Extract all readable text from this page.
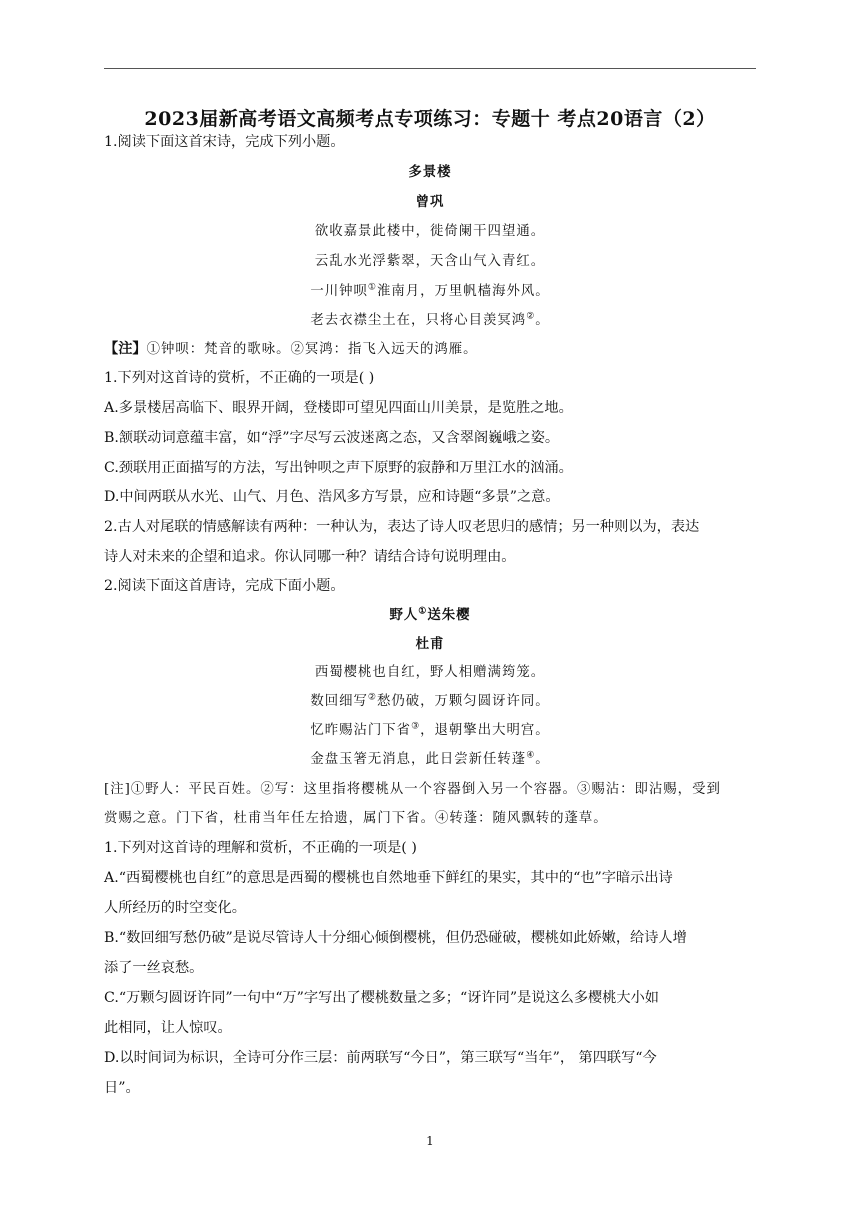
2023届新高考语文高频考点专项练习：专题十 考点20语言（2）
1.阅读下面这首宋诗，完成下列小题。
多景楼
曾巩
欲收嘉景此楼中，徙倚阑干四望通。
云乱水光浮紫翠，天含山气入青红。
一川钟呗①淮南月，万里帆樯海外风。
老去衣襟尘土在，只将心目羡冥鸿②。
【注】①钟呗：梵音的歌咏。②冥鸿：指飞入远天的鸿雁。
1.下列对这首诗的赏析，不正确的一项是( )
A.多景楼居高临下、眼界开阔，登楼即可望见四面山川美景，是览胜之地。
B.颔联动词意蕴丰富，如“浮”字尽写云波迷离之态，又含翠阁巍峨之姿。
C.颈联用正面描写的方法，写出钟呗之声下原野的寂静和万里江水的汹涌。
D.中间两联从水光、山气、月色、浩风多方写景，应和诗题“多景”之意。
2.古人对尾联的情感解读有两种：一种认为，表达了诗人叹老思归的感情；另一种则以为，表达
诗人对未来的企望和追求。你认同哪一种？请结合诗句说明理由。
2.阅读下面这首唐诗，完成下面小题。
野人①送朱樱
杜甫
西蜀樱桃也自红，野人相赠满筠笼。
数回细写②愁仍破，万颗匀圆讶许同。
忆昨赐沾门下省③，退朝擎出大明宫。
金盘玉箸无消息，此日尝新任转蓬④。
[注]①野人：平民百姓。②写：这里指将樱桃从一个容器倒入另一个容器。③赐沾：即沾赐，受到
赏赐之意。门下省，杜甫当年任左拾遗，属门下省。④转蓬：随风飘转的蓬草。
1.下列对这首诗的理解和赏析，不正确的一项是( )
A.“西蜀樱桃也自红”的意思是西蜀的樱桃也自然地垂下鲜红的果实，其中的“也”字暗示出诗
人所经历的时空变化。
B.“数回细写愁仍破”是说尽管诗人十分细心倾倒樱桃，但仍恐碰破，樱桃如此娇嫩，给诗人增
添了一丝哀愁。
C.“万颗匀圆讶许同”一句中“万”字写出了樱桃数量之多；“讶许同”是说这么多樱桃大小如
此相同，让人惊叹。
D.以时间词为标识，全诗可分作三层：前两联写“今日”，第三联写“当年”， 第四联写“今
日”。
1
